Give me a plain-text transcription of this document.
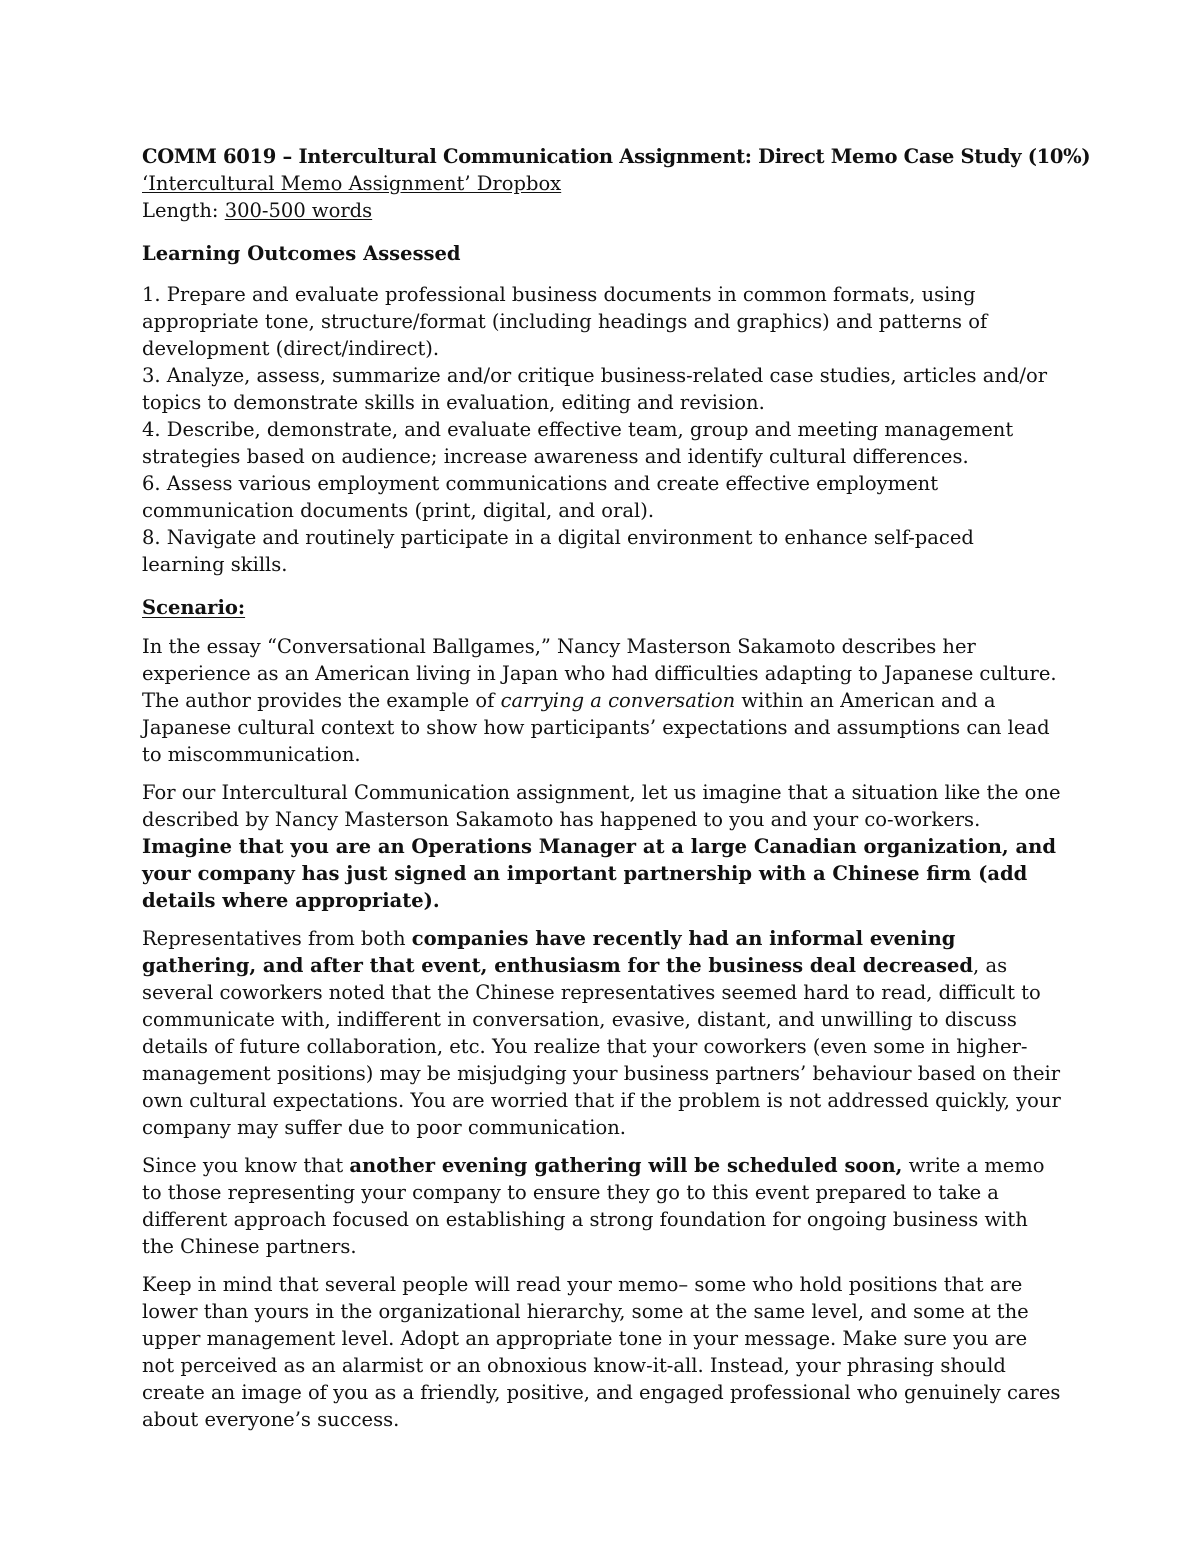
COMM 6019 – Intercultural Communication Assignment: Direct Memo Case Study (10%)

‘Intercultural Memo Assignment’ Dropbox

Length: 300-500 words

Learning Outcomes Assessed

1. Prepare and evaluate professional business documents in common formats, using appropriate tone, structure/format (including headings and graphics) and patterns of development (direct/indirect).

3. Analyze, assess, summarize and/or critique business-related case studies, articles and/or topics to demonstrate skills in evaluation, editing and revision.

4. Describe, demonstrate, and evaluate effective team, group and meeting management strategies based on audience; increase awareness and identify cultural differences.

6. Assess various employment communications and create effective employment communication documents (print, digital, and oral).

8. Navigate and routinely participate in a digital environment to enhance self-paced learning skills.

Scenario:

In the essay “Conversational Ballgames,” Nancy Masterson Sakamoto describes her experience as an American living in Japan who had difficulties adapting to Japanese culture. The author provides the example of carrying a conversation within an American and a Japanese cultural context to show how participants’ expectations and assumptions can lead to miscommunication.

For our Intercultural Communication assignment, let us imagine that a situation like the one described by Nancy Masterson Sakamoto has happened to you and your co-workers. Imagine that you are an Operations Manager at a large Canadian organization, and your company has just signed an important partnership with a Chinese firm (add details where appropriate).

Representatives from both companies have recently had an informal evening gathering, and after that event, enthusiasm for the business deal decreased, as several coworkers noted that the Chinese representatives seemed hard to read, difficult to communicate with, indifferent in conversation, evasive, distant, and unwilling to discuss details of future collaboration, etc. You realize that your coworkers (even some in higher-management positions) may be misjudging your business partners’ behaviour based on their own cultural expectations. You are worried that if the problem is not addressed quickly, your company may suffer due to poor communication.

Since you know that another evening gathering will be scheduled soon, write a memo to those representing your company to ensure they go to this event prepared to take a different approach focused on establishing a strong foundation for ongoing business with the Chinese partners.

Keep in mind that several people will read your memo– some who hold positions that are lower than yours in the organizational hierarchy, some at the same level, and some at the upper management level. Adopt an appropriate tone in your message. Make sure you are not perceived as an alarmist or an obnoxious know-it-all. Instead, your phrasing should create an image of you as a friendly, positive, and engaged professional who genuinely cares about everyone’s success.
